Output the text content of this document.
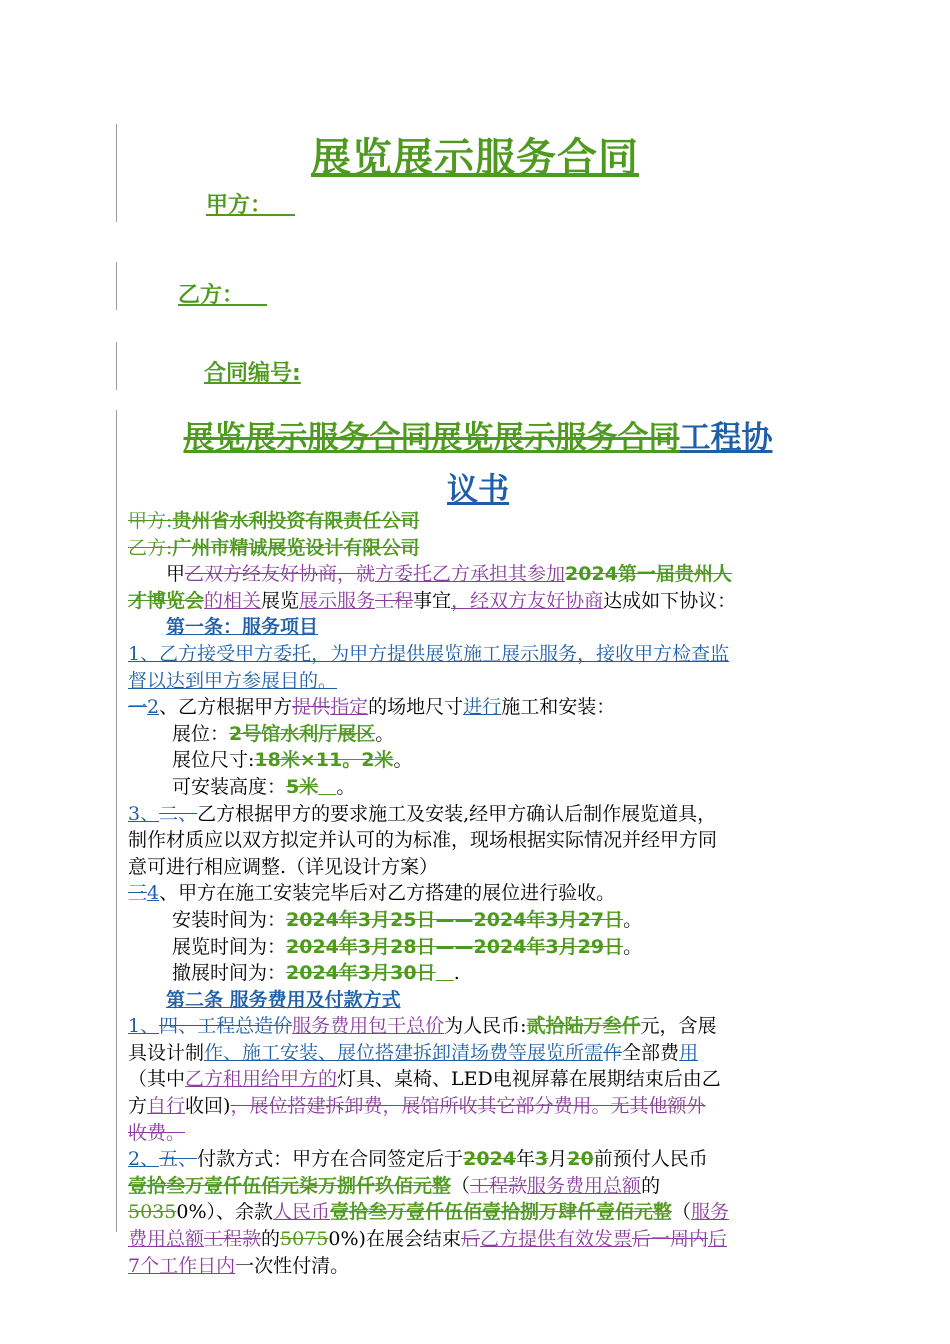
展览展示服务合同
甲方：
乙方：
合同编号:
展览展示服务合同展览展示服务合同工程协
议书
甲方:贵州省水利投资有限责任公司
乙方:广州市精诚展览设计有限公司
甲乙双方经友好协商，就方委托乙方承担其参加2024第一届贵州人
才博览会的相关展览展示服务工程事宜，经双方友好协商达成如下协议：
第一条：服务项目
1、乙方接受甲方委托，为甲方提供展览施工展示服务，接收甲方检查监
督以达到甲方参展目的。
一2、乙方根据甲方提供指定的场地尺寸进行施工和安装：
展位：2号馆水利厅展区。
展位尺寸:18米×11。2米。
可安装高度：5米 。
3、二、乙方根据甲方的要求施工及安装,经甲方确认后制作展览道具，
制作材质应以双方拟定并认可的为标准，现场根据实际情况并经甲方同
意可进行相应调整.（详见设计方案）
三4、甲方在施工安装完毕后对乙方搭建的展位进行验收。
安装时间为：2024年3月25日——2024年3月27日。
展览时间为：2024年3月28日——2024年3月29日。
撤展时间为：2024年3月30日 .
第二条 服务费用及付款方式
1、四、工程总造价服务费用包干总价为人民币:贰拾陆万叁仟元，含展
具设计制作、施工安装、展位搭建拆卸清场费等展览所需作全部费用
（其中乙方租用给甲方的灯具、桌椅、LED电视屏幕在展期结束后由乙
方自行收回)，展位搭建拆卸费，展馆所收其它部分费用。无其他额外
收费。
2、五、付款方式：甲方在合同签定后于2024年3月20前预付人民币
壹拾叁万壹仟伍佰元柒万捌仟玖佰元整（工程款服务费用总额的
50350%）、余款人民币壹拾叁万壹仟伍佰壹拾捌万肆仟壹佰元整（服务
费用总额工程款的50750%)在展会结束后乙方提供有效发票后一周内后
7个工作日内一次性付清。
